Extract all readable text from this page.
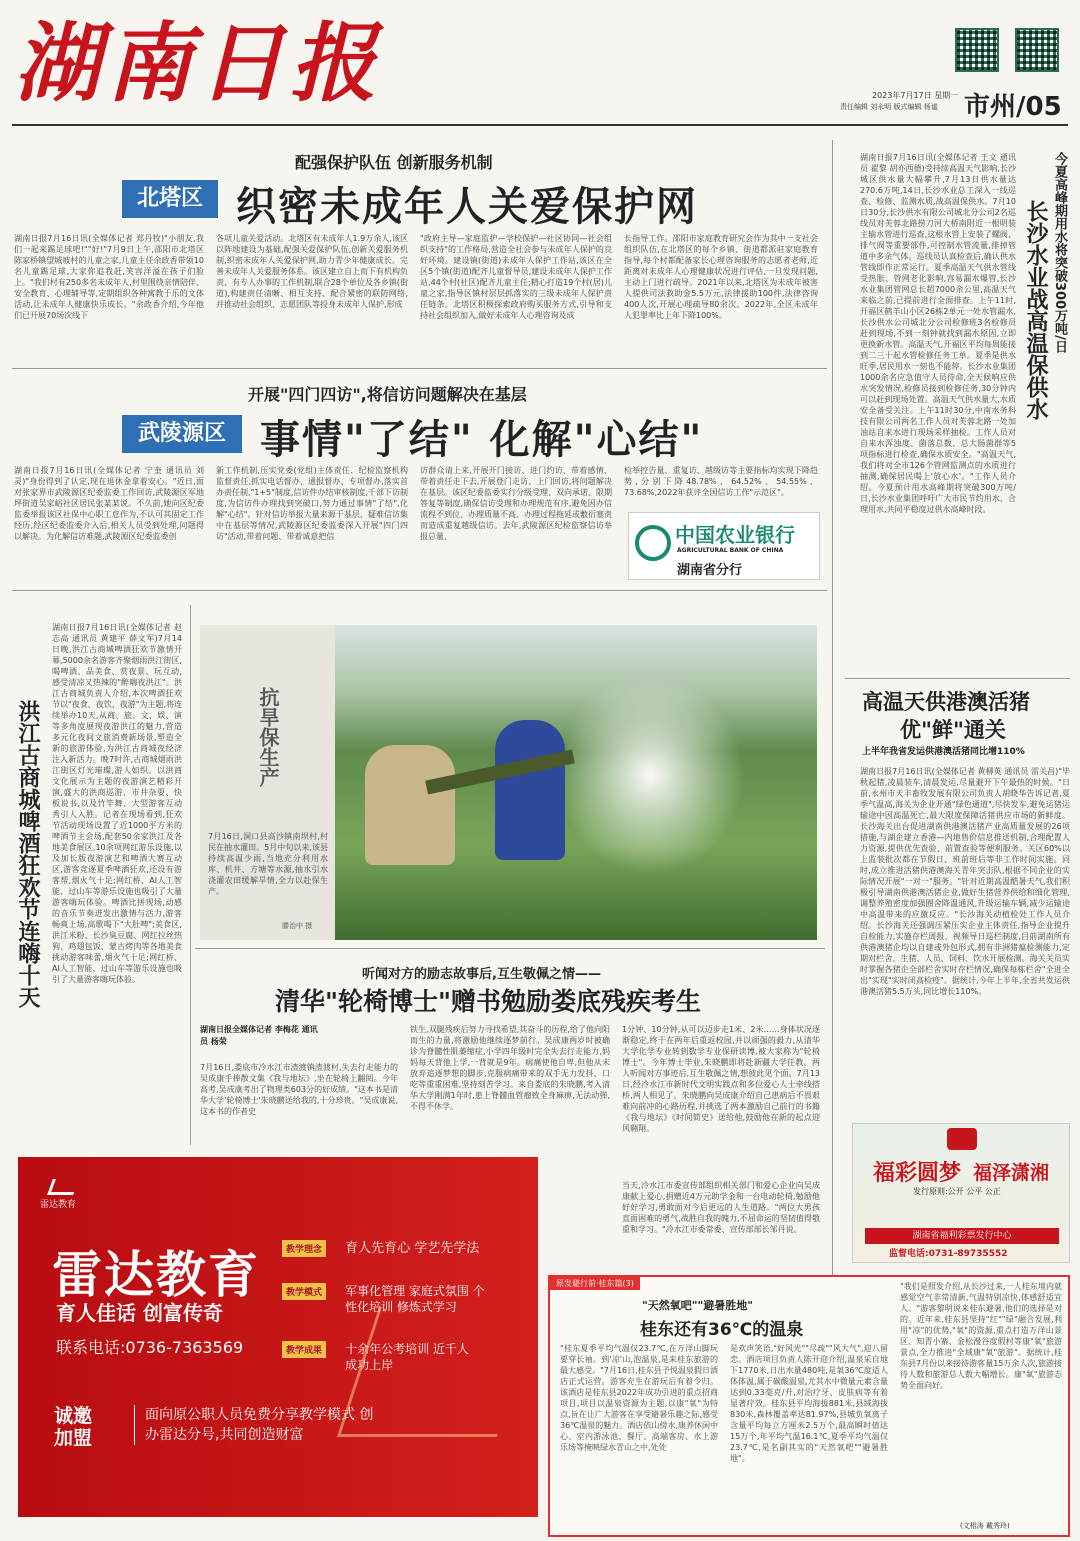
湖南日报	2023年7月17日 星期一
责任编辑 刘永明 版式编辑 杨谧 市州/05
配强保护队伍 创新服务机制
北塔区 织密未成年人关爱保护网
湖南日报7月16日讯(全媒体记者 郑丹牧)"小朋友,我们一起来踢足球吧!""好!"7月9日上午,邵阳市北塔区陈家桥镇望城坡村的儿童之家,儿童主任余政香带领10名儿童踢足球,大家你追我赶,笑容洋溢在孩子们脸上。"我们村有250多名未成年人,村里围绕亲情陪伴、安全教育、心理辅导等,定期组织各种寓教于乐的文体活动,让未成年人健康快乐成长。"余政香介绍,今年他们已开展70场次线下
各项儿童关爱活动。北塔区有未成年人1.9万余人,该区以阵地建设为基础,配强关爱保护队伍,创新关爱服务机制,织密未成年人关爱保护网,助力青少年健康成长。完善未成年人关爱服务体系。该区建立自上而下有机构负责、有专人办事的工作机制,联合28个单位及各乡镇(街道),构建责任清晰、相互支持、配合紧密的联防网络,并推动社会组织、志愿团队等投身未成年人保护,形成
"政府主导—家庭监护—学校保护—社区协同—社会组织支持"的工作格局,营造全社会参与未成年人保护的良好环境。建设镇(街道)未成年人保护工作站,该区在全区5个镇(街道)配齐儿童督导员,建设未成年人保护工作站,44个村(社区)配齐儿童主任;精心打造19个村(居)儿童之家,指导区镇村层层抓落实的三级未成年人保护责任链条。北塔区积极探索政府购买服务方式,引导和支持社会组织加入,做好未成年人心理咨询及成
长指导工作。邵阳市家庭教育研究会作为其中一支社会组织队伍,在北塔区的每个乡镇、街道都派驻家庭教育指导,每个村都配备家长心理咨询服务的志愿者老师,近距离对未成年人心理健康状况进行评估,一旦发现问题,主动上门进行疏导。2021年以来,北塔区为未成年被害人提供司法救助金5.5万元,法律援助100件,法律咨询400人次,开展心理疏导80余次。2022年,全区未成年人犯罪率比上年下降100%。
开展"四门四访",将信访问题解决在基层
武陵源区 事情"了结" 化解"心结"
湖南日报7月16日讯(全媒体记者 宁奎 通讯员 刘灵)"身份得到了认定,现在退休金拿着安心。"近日,面对张家界市武陵源区纪委监委工作回访,武陵源区军地坪街道吴家峪社区居民张某某说。不久前,她向区纪委监委举报该区社保中心职工怠作为,不认可其固定工作经历,经区纪委监委介入后,相关人员受到处理,问题得以解决。为化解信访难题,武陵源区纪委监委创
新工作机制,压实党委(党组)主体责任、纪检监察机构监督责任,抓实电话督办、通报督办、专项督办,落实首办责任制,"1+5"制度,信访件办结审核制度,千部下访制度,为信访件办理找到突破口,努力通过事情"了结",化解"心结"。针对信访举报大量来源于基层、疑难信访集中在基层等情况,武陵源区纪委监委深入开展"四门四访"活动,带着问题、带着诚意把信
访群众请上来,开展开门接访、进门约访、带着感情、带着责任走下去,开展登门走访、上门回访,将问题解决在基层。该区纪委监委实行分级受理、双向承诺、限期答复等制度,确保信访受理和办理规范有序,避免因办信流程不到位、办理质量不高、办理过程拖延或敷衍塞责而造成重复越级信访。去年,武陵源区纪检监察信访举报总量、
检举控告量、重复访、越级访等主要指标均实现下降趋势,分别下降48.78%、64.52%、54.55%、73.68%,2022年获评全国信访工作"示范区"。
中国农业银行
AGRICULTURAL BANK OF CHINA
湖南省分行
湖南日报7月16日讯(全媒体记者 王文 通讯员 翟黎 胡亦西德)受持续高温天气影响,长沙城区供水量大幅攀升,7月13日供水量达270.6万吨,14日,长沙水业总工深入一线巡查、检修、监测水质,战高温保供水。7月10日30分,长沙供水有限公司城北分公司2名巡线员对芙蓉北路捞刀河大桥南附近一根明装主输水管进行巡查,这根水管上安装了螺阀、排气阀等重要部件,可控制水管流量,排掉管道中多余气体。巡线员认真检查后,确认供水管线即作正常运行。夏季高温天气供水管线受热胀、管网老化影响,容易漏水爆管,长沙水业集团管网总长超7000余公里,高温天气来临之前,已提前进行全面排查。上午11时,开福区鹤羊山小区26栋2单元一处水管漏水,长沙供水公司城北分公司检修班3名检修员赶到现场,不到一刻钟就找到漏水原因,立即更换新水管。高温天气,开福区平均每周能接到二三十起水管检修任务工单。夏季是供水旺季,居民用水一刻也不能停。长沙水业集团1000余名应急值守人员待命,全天候响应供水突发情况,检修员接到检修任务,30分钟内可以赶到现场处置。高温天气供水量大,水质安全备受关注。上午11时30分,中南水务科技有限公司两名工作人员对芙蓉北路一处加油站自来水进行现场采样抽检。工作人员对自来水浑浊度、菌落总数、总大肠菌群等5项指标进行检查,确保水质安全。"高温天气,我们将对全市126个管网监测点的水质进行抽测,确保居民喝上'放心水'。"工作人员介绍。今夏预计用水高峰期将突破300万吨/日,长沙水业集团呼吁广大市民节约用水、合理用水,共同平稳度过供水高峰时段。
长沙水业战高温保供水 今夏高峰期用水将突破300万吨/日
高温天供港澳活猪
优"鲜"通关
上半年我省发运供港澳活猪同比增110%
湖南日报7月16日讯(全媒体记者 黄柳英 通讯员 雷关昌)"毕秋起猪,凌晨装车,清晨发运,尽量避开下午最热的时候。"日前,永州市天丰畜牧发展有限公司负责人胡晓华告诉记者,夏季气温高,海关为企业开通"绿色通道",尽快发车,避免运猪运输途中因高温死亡,最大限度保障活猪供应市场的新鲜度。长沙海关出台促进湖南供港澳活猪产业高质量发展的26项措施,与湖企建立香港—内地售价信息推送机制,合理配置人力资源,提供优先查验、前置查验等便利服务。关区60%以上监装批次都在节假日、班前班后等非工作时间实施。同时,成立推进活猪供港澳海关青年突击队,根据不同企业的实际情况开展"一对一"服务。"针对近期高温酷暑天气,我们积极引导湖南供港澳活猪企业,做好生猪营养供给和细化管理,调整养殖密度加强圈舍降温通风,升级运输车辆,减少运输途中高温带来的应激反应。"长沙海关动植检处工作人员介绍。长沙海关还强调压紧压实企业主体责任,指导企业提升自检能力,实施存栏周报、视频导日巡栏制度,目前湖南所有供港澳猪企均以自建或外包形式,拥有非洲猪瘟检测能力,定期对栏舍、生猪、人员、饲料、饮水开展检测。海关关员实时掌握各猪企全部栏舍实时存栏情况,确保每栋栏舍"全进全出"实现"实时闭高检疫"。据统计,今年上半年,全省共发运供港澳活猪5.5万头,同比增长110%。
福彩圆梦 福泽潇湘
发行原则:公开 公平 公正
湖南省福利彩票发行中心
监督电话:0731-89735552
湖南日报7月16日讯(全媒体记者 赵志高 通讯员 黄建平 薛文军)7月14日晚,洪江古商城啤酒狂欢节激情开幕,5000余名游客齐聚烟雨洪江街区,喝啤酒、品美食、赏夜景、玩互动,感受清凉又热辣的"醉嗨夜洪江"。洪江古商城负责人介绍,本次啤酒狂欢节以"夜食、夜饮、夜游"为主题,将连续举办10天,从商、旅、文、娱、演等多角度展现夜游洪江的魅力,营造多元化夜间文旅消费新场景,塑造全新的旅游体验,为洪江古商城夜经济注入新活力。晚7时许,古商城烟雨洪江街区灯光璀璨,游人如织。以洪商文化展示为主题的夜游演艺精彩开演,盛大的洪商巡游、市井杂耍、快板说书,以及竹竿舞、大型游客互动秀引人入胜。记者在现场看到,狂欢节活动现场设置了近1000平方米的啤酒节主会场,配套50余家洪江及各地美食展区,10余项网红游乐设施,以及加长版夜游演艺和啤酒大赛互动区,游客竞逐夏季啤酒狂欢,还设有游客帮,烟火气十足;网红桥、AI人工智能、过山车等游乐设施也吸引了大量游客嗨玩体验。啤酒比拼现场,动感的音乐节奏迸发出激情与活力,游客畅爽上场,高歌喝下"大肚啤";美食区,洪江米粉、长沙臭豆腐、网红拉丝热狗、鸡翅包饭、蒙古烤肉等各地美食挑动游客味蕾,烟火气十足;网红桥、AI人工智能、过山车等游乐设施也吸引了大量游客嗨玩体验。
洪江古商城啤酒狂欢节连嗨十天	抗旱保生产
7月16日,洞口县高沙镇南坝村,村民在抽水灌田。5月中旬以来,该县持续高温少雨,当地充分利用水库、机井、方塘等水源,抽水引水浇灌农田缓解旱情,全力以赴保生产。
滕治中 摄
听闻对方的励志故事后,互生敬佩之情——
清华"轮椅博士"赠书勉励娄底残疾考生
湖南日报全媒体记者 李梅花 通讯员 杨荣
7月16日,娄底市冷水江市渣渡镇渣渡村,失去行走能力的吴成康手捧散文集《我与地坛》,坐在轮椅上翻阅。今年高考,吴成康考出了物理类603分的好成绩。"这本书是清华大学'轮椅博士'朱晓鹏送给我的,十分珍贵。"吴成康说,这本书的作者史
铁生,双腿残疾后努力寻找希望,其奋斗的历程,给了他向阳而生的力量,将激励他继续逐梦前行。吴成康两岁时被确诊为脊髓性肌萎缩症,小学四年级时完全失去行走能力,妈妈每天背他上学,一背就是9年。病痛使他自卑,但他从未放弃追逐梦想的脚步,克服病痛带来的双手无力发抖、口吃等重重困难,坚持刻苦学习。来自娄底的朱晓鹏,考入清华大学刚满1年时,患上脊髓血管瘤致全身麻痹,无法动弹,不得不休学。
1分钟、10分钟,从可以迈步走1米、2米……身体状况逐渐稳定,终于在两年后重返校园,并以顽强的毅力,从清华大学化学专业转到数学专业保研读博,被大家称为"轮椅博士"。今年博士毕业,朱晓鹏即将赴新疆大学任教。两人听闻对方事迹后,互生敬佩之情,想彼此见个面。7月13日,经冷水江市新时代文明实践点和多位爱心人士牵线搭桥,两人相见了。朱晓鹏向吴成康介绍自己患病后不畏艰难向前冲的心路历程,并挑选了两本激励自己前行的书籍《我与地坛》《时间简史》送给他,鼓励他在新的起点迎风翱翔。
当天,冷水江市委宣传部组织相关部门和爱心企业向吴成康献上爱心,捐赠近4万元助学金和一台电动轮椅,勉励他好好学习,勇敢面对今后更远的人生道路。"两位大男孩直面困难的勇气,战胜自我的魄力,不屈命运的坚韧值得敬重和学习。"冷水江市委常委、宣传部部长邹丹说。
雷达教育
雷达教育
育人佳话 创富传奇
联系电话:0736-7363569
教学理念 育人先育心 学艺先学法
教学模式 军事化管理 家庭式氛围 个性化培训 修炼式学习
教学成果 十余年公考培训 近千人成功上岸
诚邀加盟
面向原公职人员免费分享教学模式 创办雷达分号,共同创造财富
原发避行前·桂东篇(3)
"天然氧吧""避暑胜地"
桂东还有36℃的温泉
"桂东夏季平均气温仅23.7℃,在万洋山脚玩要穿长袖。到'凉'山,泡温泉,是来桂东旅游的最大感受。"7月16日,桂东县予悦温泉假日酒店正式运营。游客充生在游玩后有着令归。该酒店是桂东县2022年成功引进的重点招商项目,项目以温泉资源为主题,以康"氧"为特点,旨在让广大游客在享受避暑乐趣之际,感受36℃温泉的魅力。酒店依山傍水,康养休闲中心、室内游泳池、餐厅、高端客房、水上游乐场等掩映绿水青山之中,处处
是欢声笑语,"好风光""尽疏""风大气",迎八留恋。酒店项目负责人陈开迎介绍,温泉采自地下1770米,日出水量480吨,是氧36℃度适人体体温,属于碳酸温泉,尤其水中微量元素含量达到0.33毫克/升,对治疗牙、皮肤病等有着显著疗效。桂东县平均海拔881米,县域海拔830米,森林覆盖率达81.97%,县城负氧离子含量平均每立方厘米2.5万个,最高瞬时值达15万个,年平均气温16.1℃,夏季平均气温仅23.7℃,是名副其实的"天然氧吧""避暑胜地"。
"我们是照发介绍,从长沙过来,一人桂东境内就感觉空气非常清新,气温特别凉快,体感舒适宜人。"游客黎明说来桂东避暑,他们的选择是对的。近年来,桂东县坚持"红""绿"融合发展,利用"凉"的优势,"氧"的资源,重点打造万洋山景区、知青小寨、金松漫谷度假村等康"氧"旅游景点,全力推进"全域康"氧"旅游"。据统计,桂东县7月份以来接待游客量15万余人次,旅游接待人数和旅游总人数大幅增长。康"氧"旅游态势全面向好。
(文相涛 戴秀玲)
